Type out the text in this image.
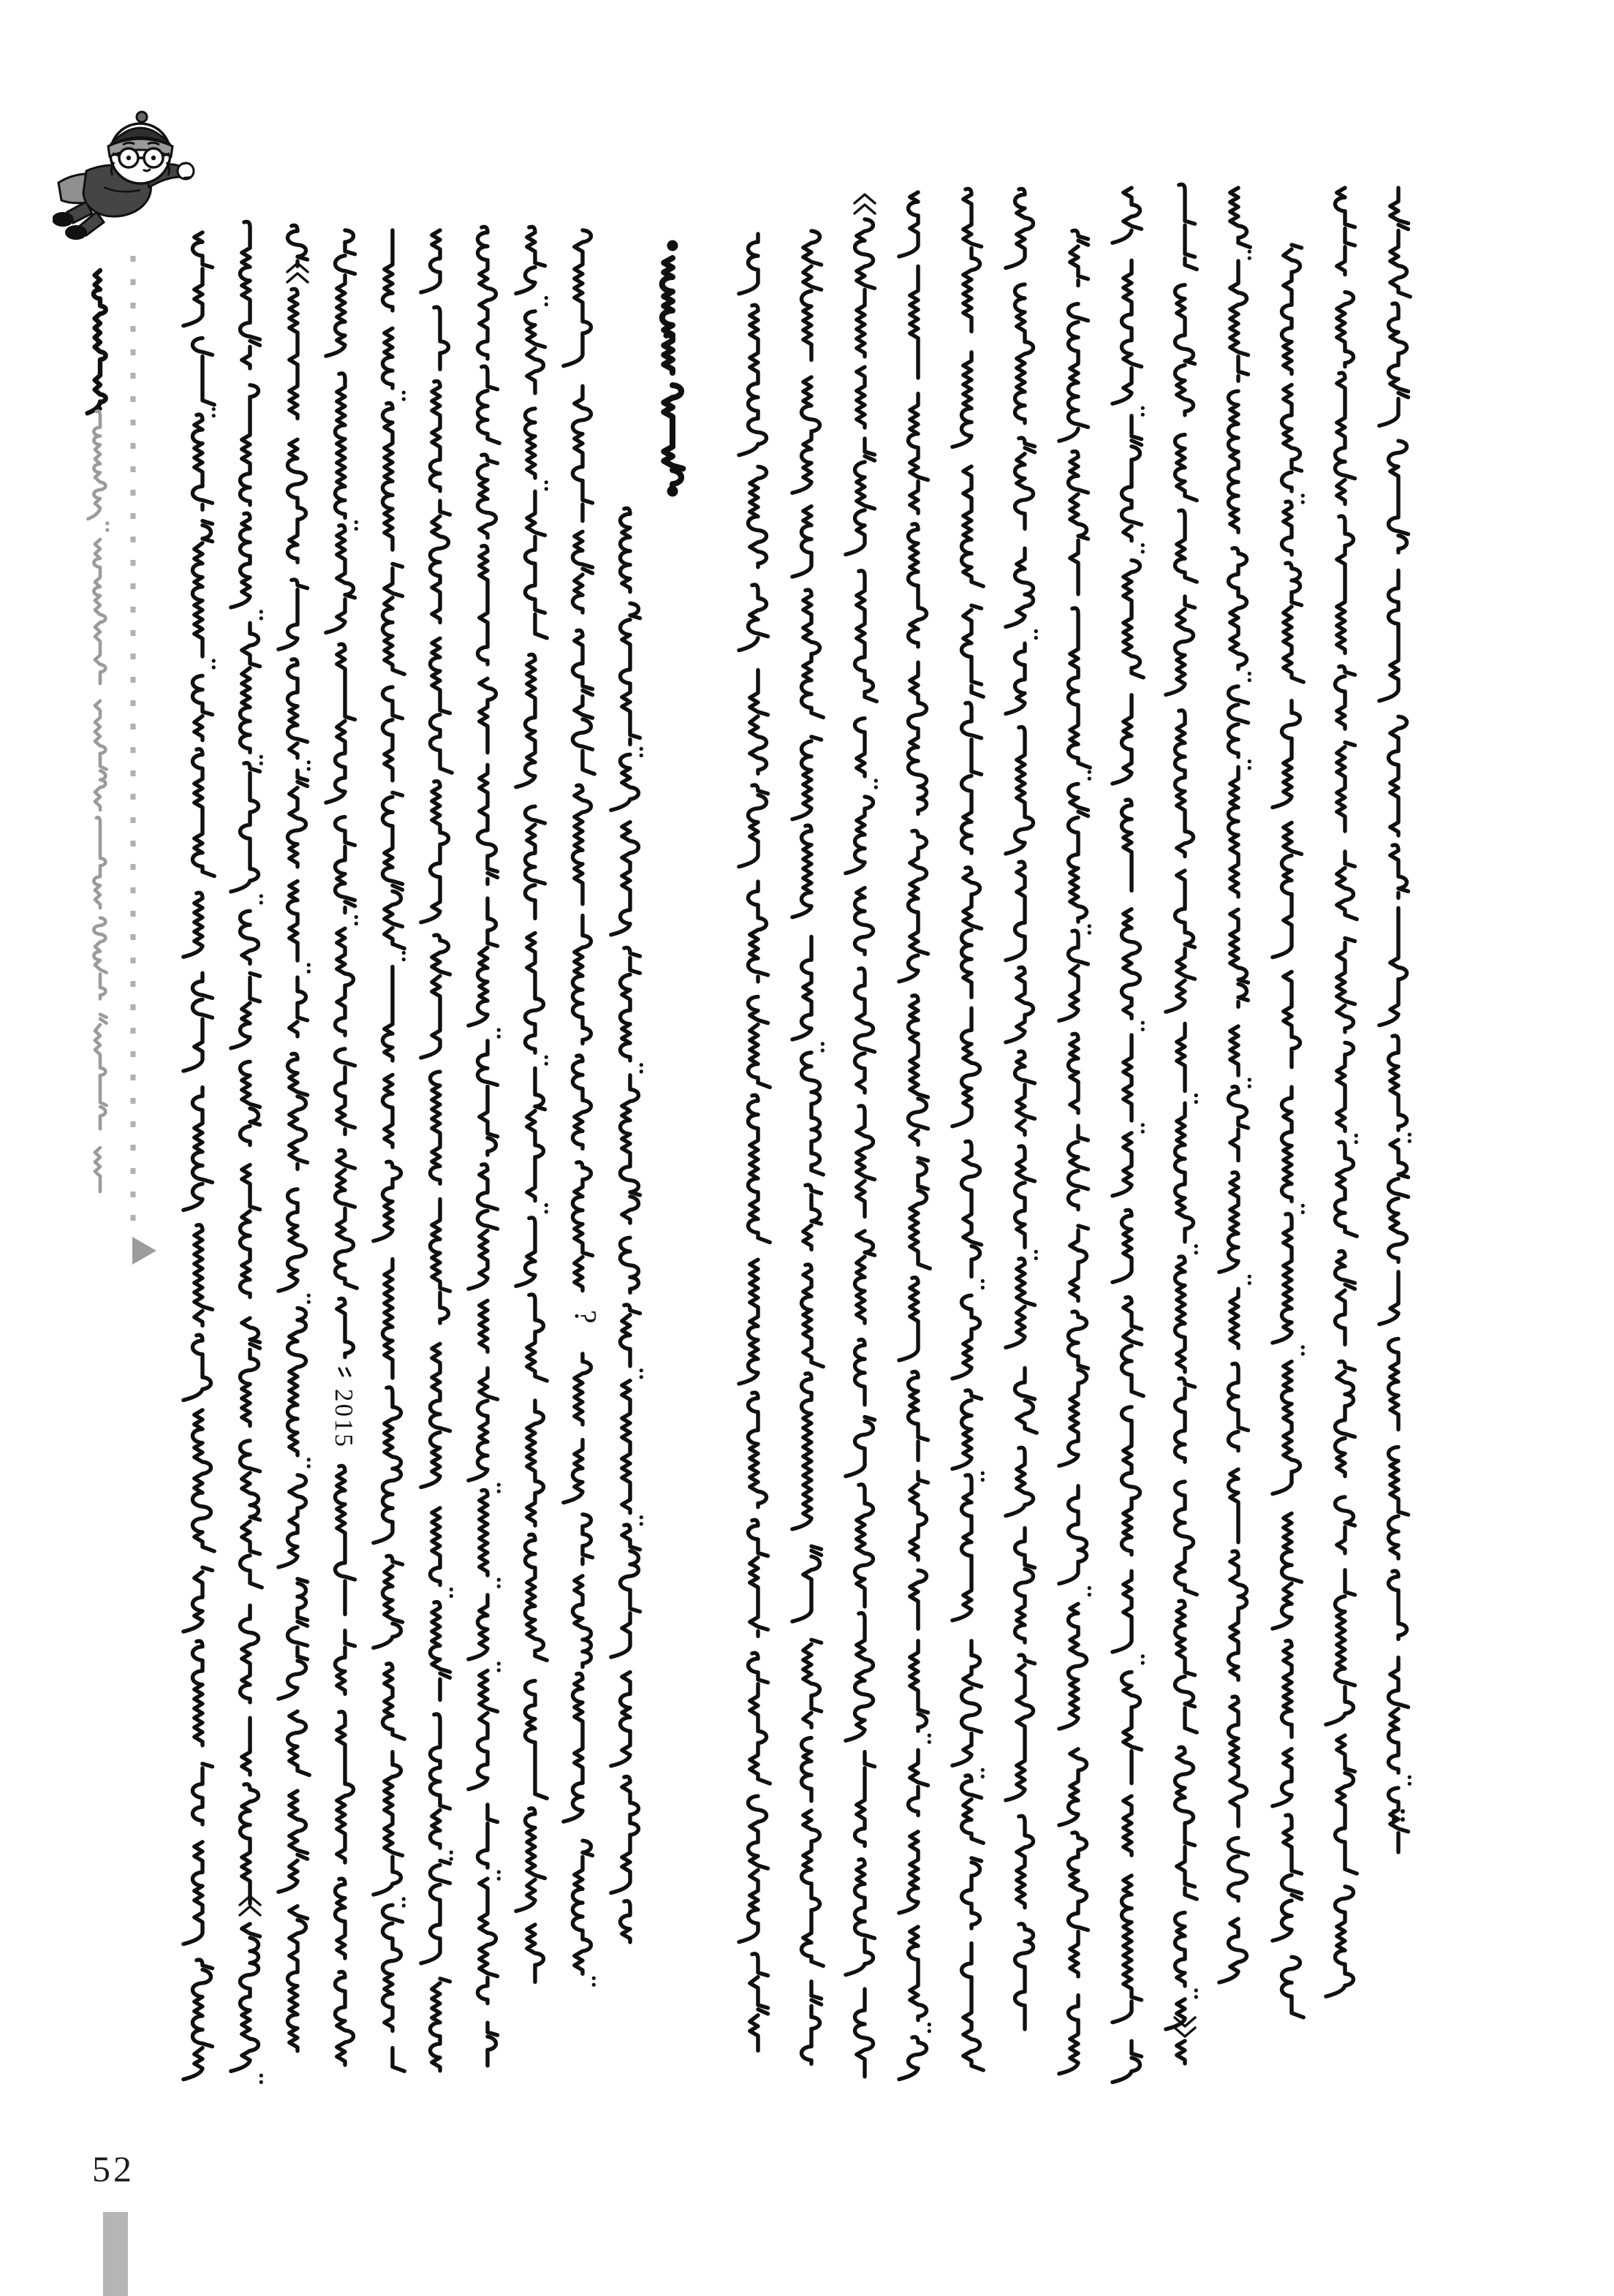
2015
?
52
